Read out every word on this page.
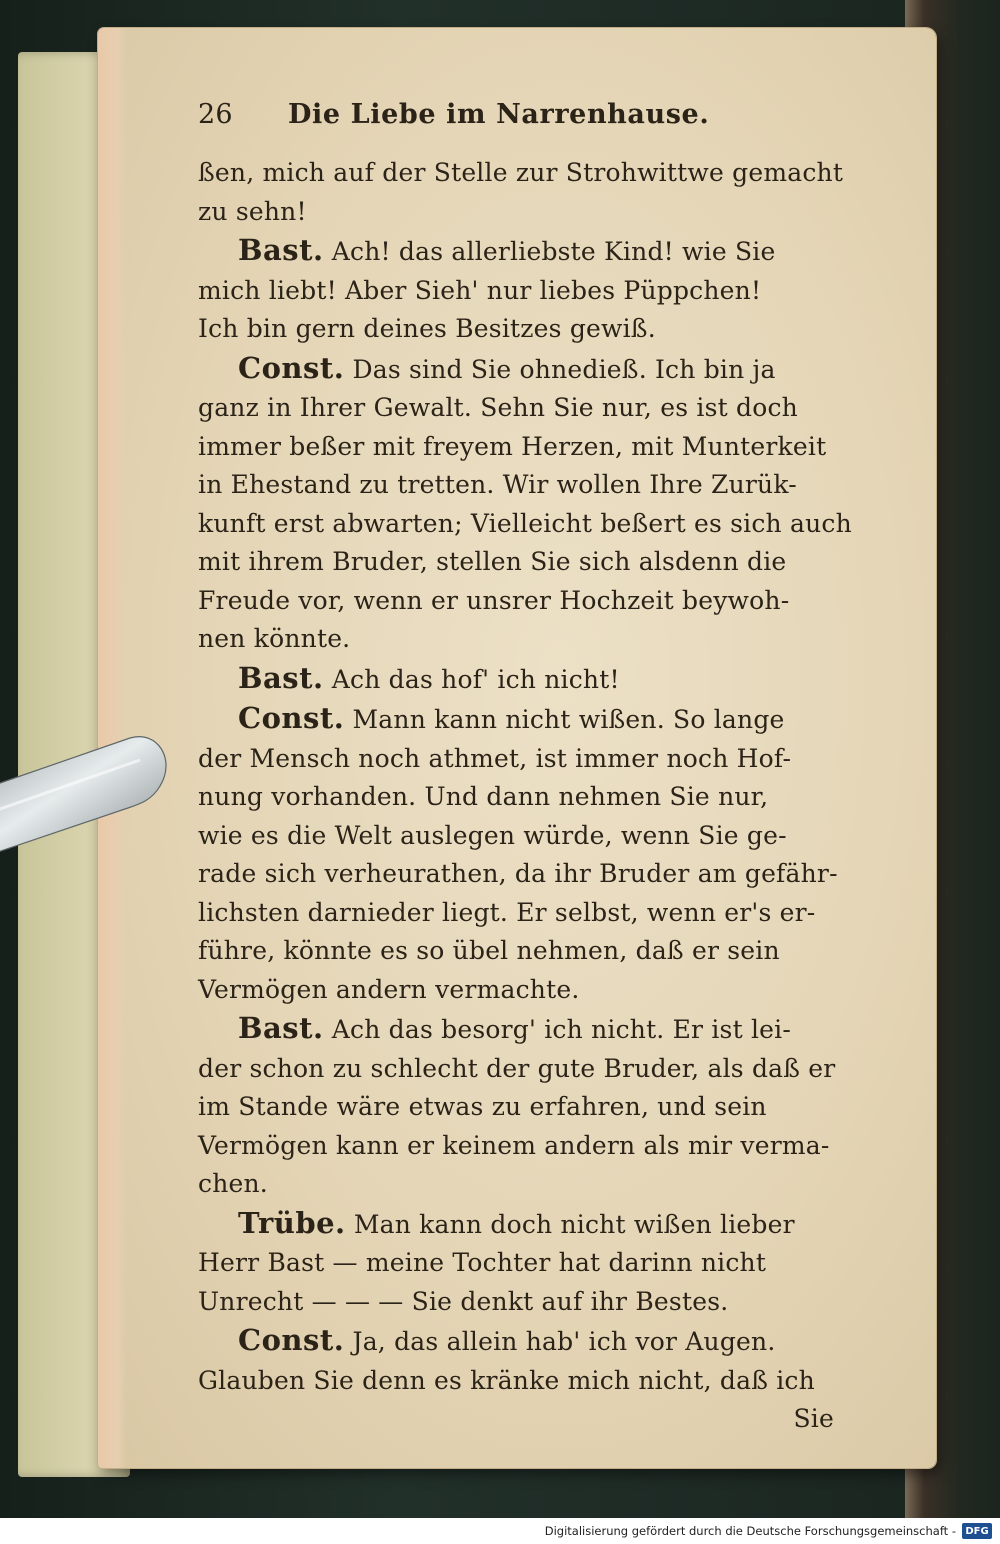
26	Die Liebe im Narrenhause.

ßen, mich auf der Stelle zur Strohwittwe gemacht

zu sehn!

Bast. Ach! das allerliebste Kind! wie Sie

mich liebt! Aber Sieh' nur liebes Püppchen!

Ich bin gern deines Besitzes gewiß.

Const. Das sind Sie ohnedieß. Ich bin ja

ganz in Ihrer Gewalt. Sehn Sie nur, es ist doch

immer beßer mit freyem Herzen, mit Munterkeit

in Ehestand zu tretten. Wir wollen Ihre Zurük-

kunft erst abwarten; Vielleicht beßert es sich auch

mit ihrem Bruder, stellen Sie sich alsdenn die

Freude vor, wenn er unsrer Hochzeit beywoh-

nen könnte.

Bast. Ach das hof' ich nicht!

Const. Mann kann nicht wißen. So lange

der Mensch noch athmet, ist immer noch Hof-

nung vorhanden. Und dann nehmen Sie nur,

wie es die Welt auslegen würde, wenn Sie ge-

rade sich verheurathen, da ihr Bruder am gefähr-

lichsten darnieder liegt. Er selbst, wenn er's er-

führe, könnte es so übel nehmen, daß er sein

Vermögen andern vermachte.

Bast. Ach das besorg' ich nicht. Er ist lei-

der schon zu schlecht der gute Bruder, als daß er

im Stande wäre etwas zu erfahren, und sein

Vermögen kann er keinem andern als mir verma-

chen.

Trübe. Man kann doch nicht wißen lieber

Herr Bast — meine Tochter hat darinn nicht

Unrecht — — — Sie denkt auf ihr Bestes.

Const. Ja, das allein hab' ich vor Augen.

Glauben Sie denn es kränke mich nicht, daß ich

Sie

Digitalisierung gefördert durch die Deutsche Forschungsgemeinschaft - DFG
